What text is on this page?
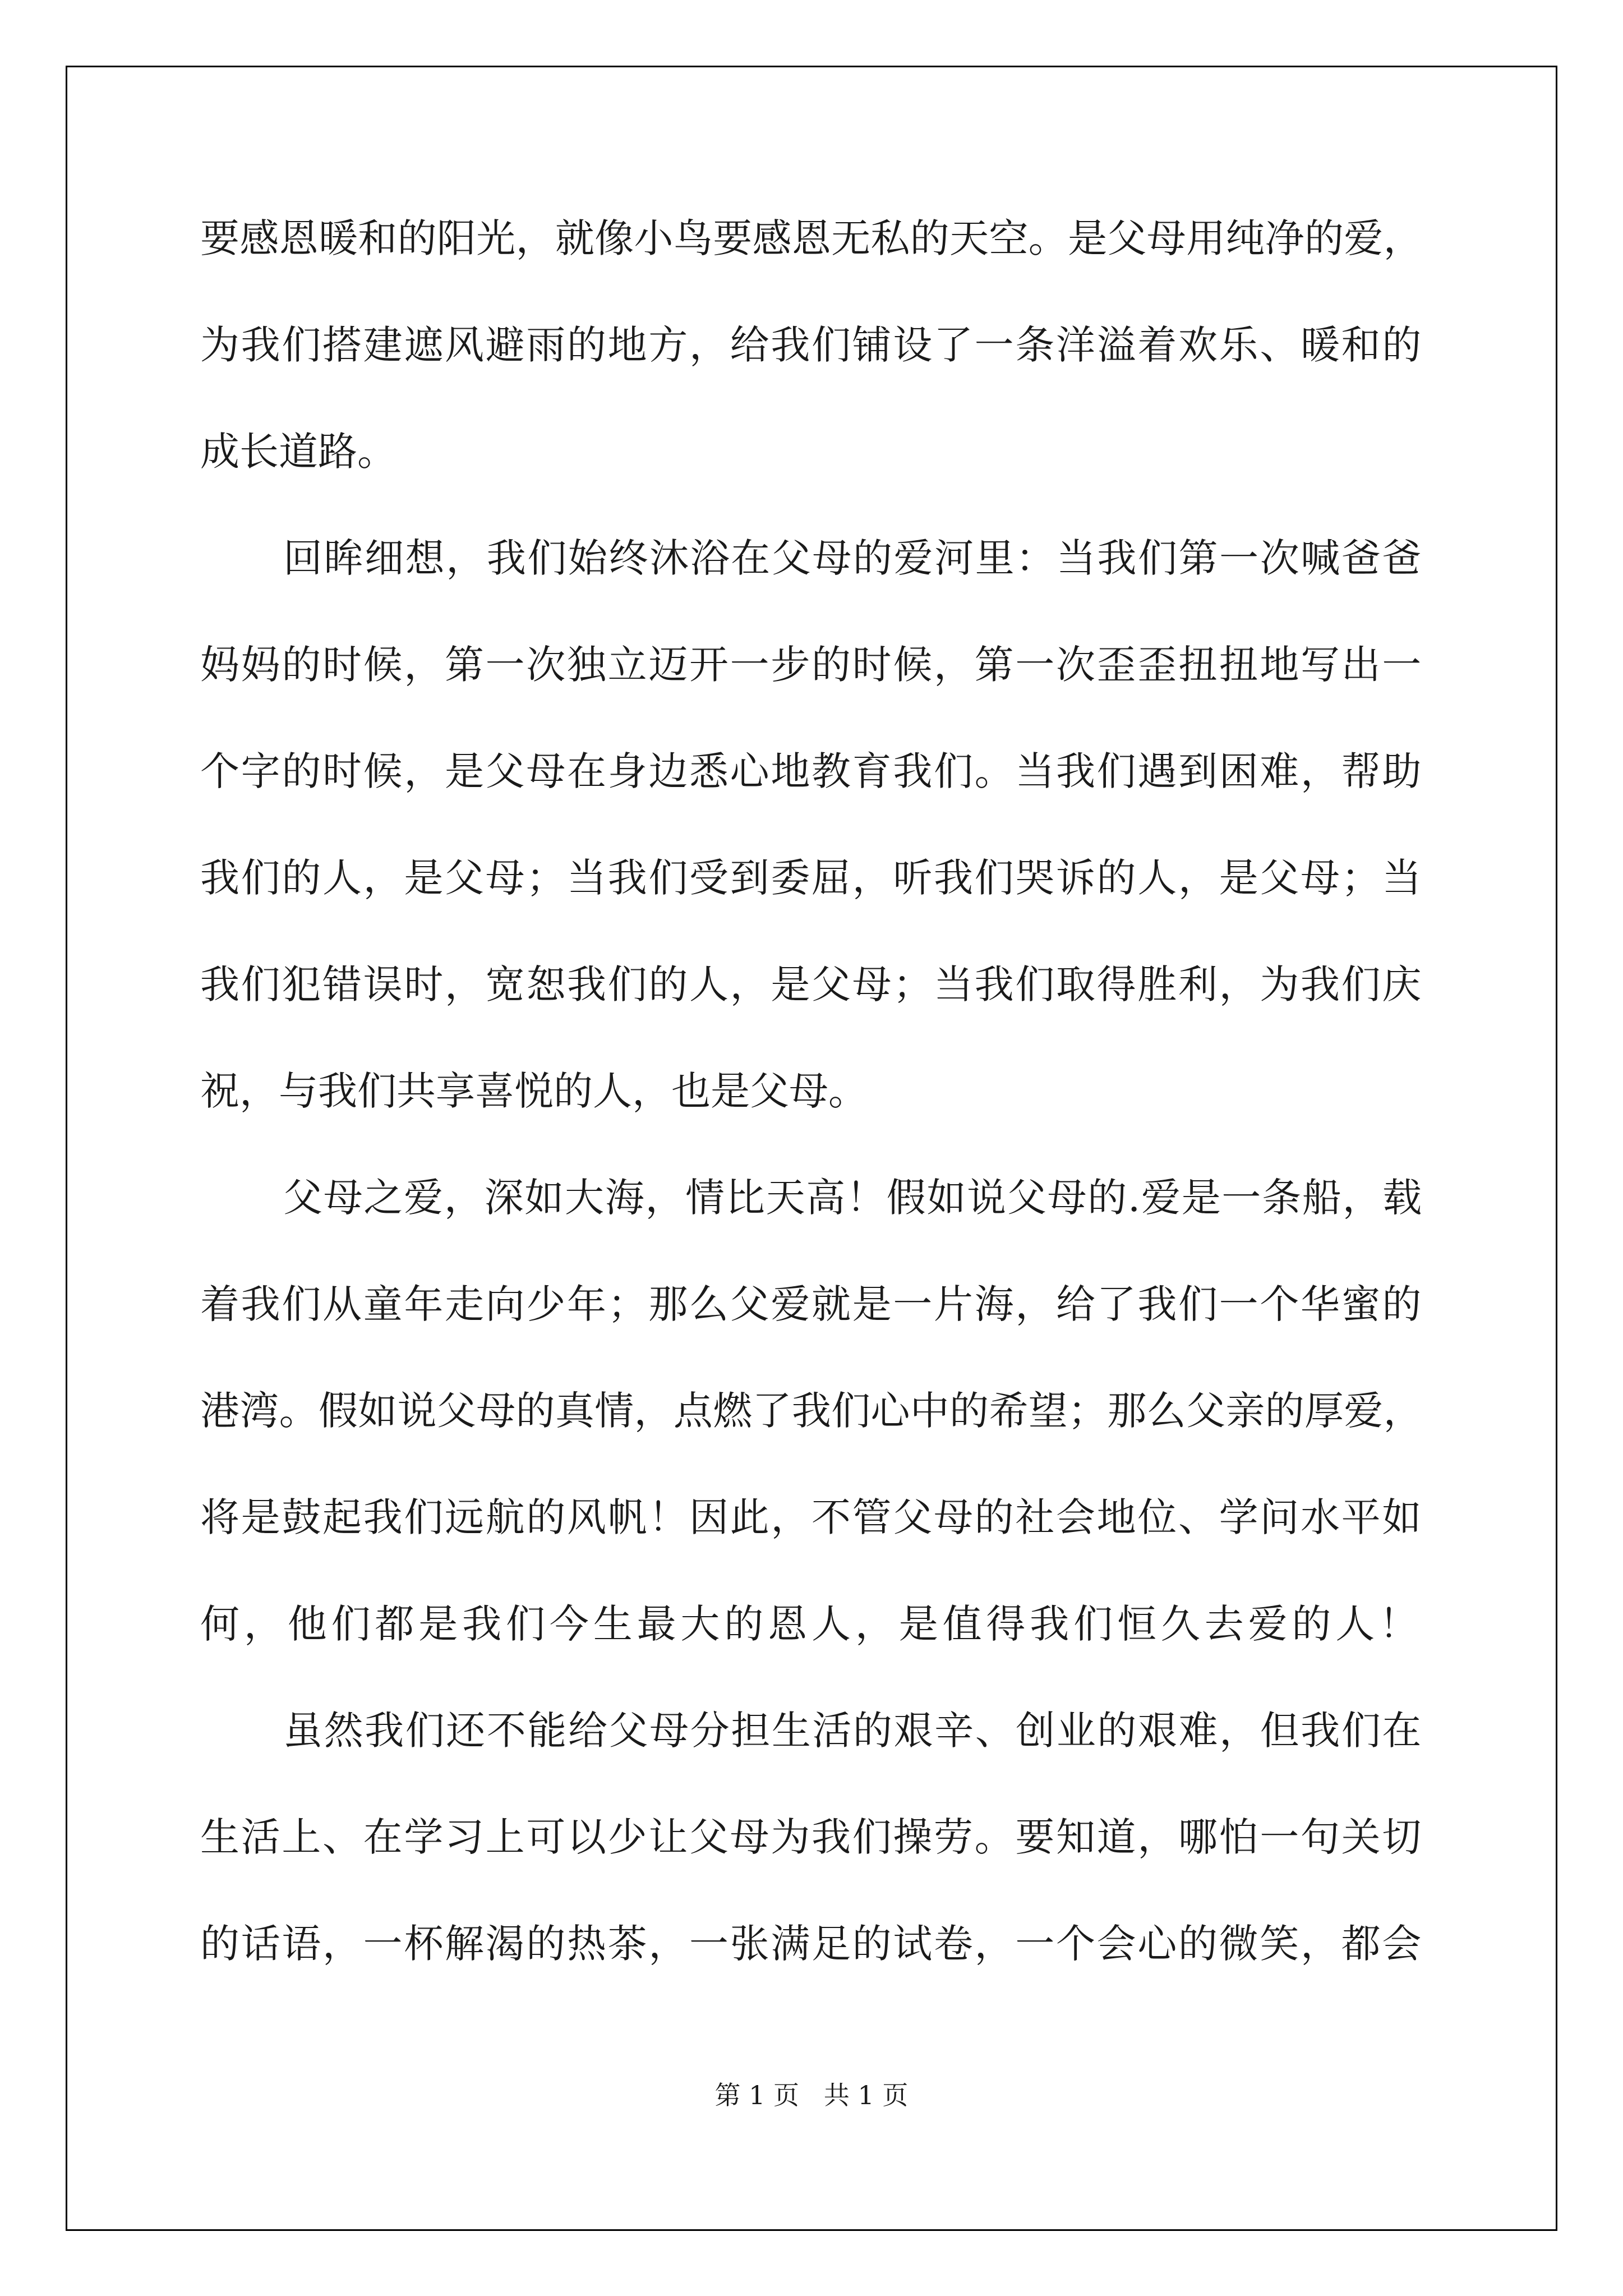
要感恩暖和的阳光，就像小鸟要感恩无私的天空。是父母用纯净的爱，
为我们搭建遮风避雨的地方，给我们铺设了一条洋溢着欢乐、暖和的
成长道路。
回眸细想，我们始终沐浴在父母的爱河里：当我们第一次喊爸爸
妈妈的时候，第一次独立迈开一步的时候，第一次歪歪扭扭地写出一
个字的时候，是父母在身边悉心地教育我们。当我们遇到困难，帮助
我们的人，是父母；当我们受到委屈，听我们哭诉的人，是父母；当
我们犯错误时，宽恕我们的人，是父母；当我们取得胜利，为我们庆
祝，与我们共享喜悦的人，也是父母。
父母之爱，深如大海，情比天高！假如说父母的.爱是一条船，载
着我们从童年走向少年；那么父爱就是一片海，给了我们一个华蜜的
港湾。假如说父母的真情，点燃了我们心中的希望；那么父亲的厚爱，
将是鼓起我们远航的风帆！因此，不管父母的社会地位、学问水平如
何，他们都是我们今生最大的恩人，是值得我们恒久去爱的人！
虽然我们还不能给父母分担生活的艰辛、创业的艰难，但我们在
生活上、在学习上可以少让父母为我们操劳。要知道，哪怕一句关切
的话语，一杯解渴的热茶，一张满足的试卷，一个会心的微笑，都会
第 1 页   共 1 页
